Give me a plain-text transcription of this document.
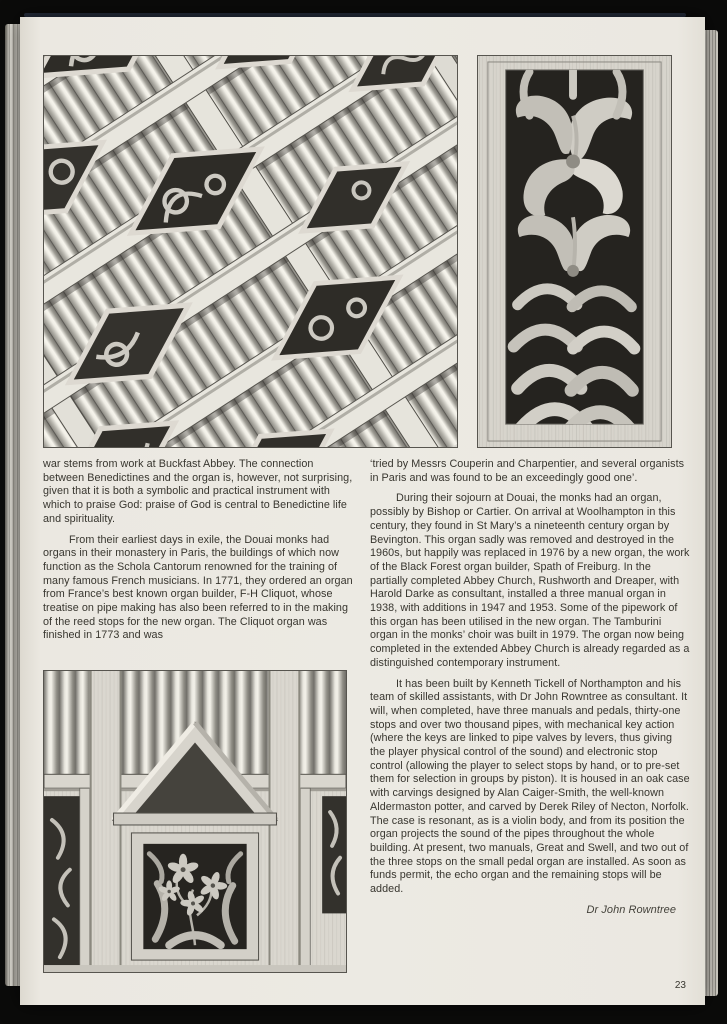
war stems from work at Buckfast Abbey. The connection between Benedictines and the organ is, however, not surprising, given that it is both a symbolic and practical instrument with which to praise God: praise of God is central to Benedictine life and spirituality.

From their earliest days in exile, the Douai monks had organs in their monastery in Paris, the buildings of which now function as the Schola Cantorum renowned for the training of many famous French musicians. In 1771, they ordered an organ from France’s best known organ builder, F-H Cliquot, whose treatise on pipe making has also been referred to in the making of the reed stops for the new organ. The Cliquot organ was finished in 1773 and was

‘tried by Messrs Couperin and Charpentier, and several organists in Paris and was found to be an exceedingly good one’.

During their sojourn at Douai, the monks had an organ, possibly by Bishop or Cartier. On arrival at Woolhampton in this century, they found in St Mary’s a nineteenth century organ by Bevington. This organ sadly was removed and destroyed in the 1960s, but happily was replaced in 1976 by a new organ, the work of the Black Forest organ builder, Spath of Freiburg. In the partially completed Abbey Church, Rushworth and Dreaper, with Harold Darke as consultant, installed a three manual organ in 1938, with additions in 1947 and 1953. Some of the pipework of this organ has been utilised in the new organ. The Tamburini organ in the monks’ choir was built in 1979. The organ now being completed in the extended Abbey Church is already regarded as a distinguished contemporary instrument.

It has been built by Kenneth Tickell of Northampton and his team of skilled assistants, with Dr John Rowntree as consultant. It will, when completed, have three manuals and pedals, thirty-one stops and over two thousand pipes, with mechanical key action (where the keys are linked to pipe valves by levers, thus giving the player physical control of the sound) and electronic stop control (allowing the player to select stops by hand, or to pre-set them for selection in groups by piston). It is housed in an oak case with carvings designed by Alan Caiger-Smith, the well-known Aldermaston potter, and carved by Derek Riley of Necton, Norfolk. The case is resonant, as is a violin body, and from its position the organ projects the sound of the pipes throughout the whole building. At present, two manuals, Great and Swell, and two out of the three stops on the small pedal organ are installed. As soon as funds permit, the echo organ and the remaining stops will be added.

Dr John Rowntree
23
